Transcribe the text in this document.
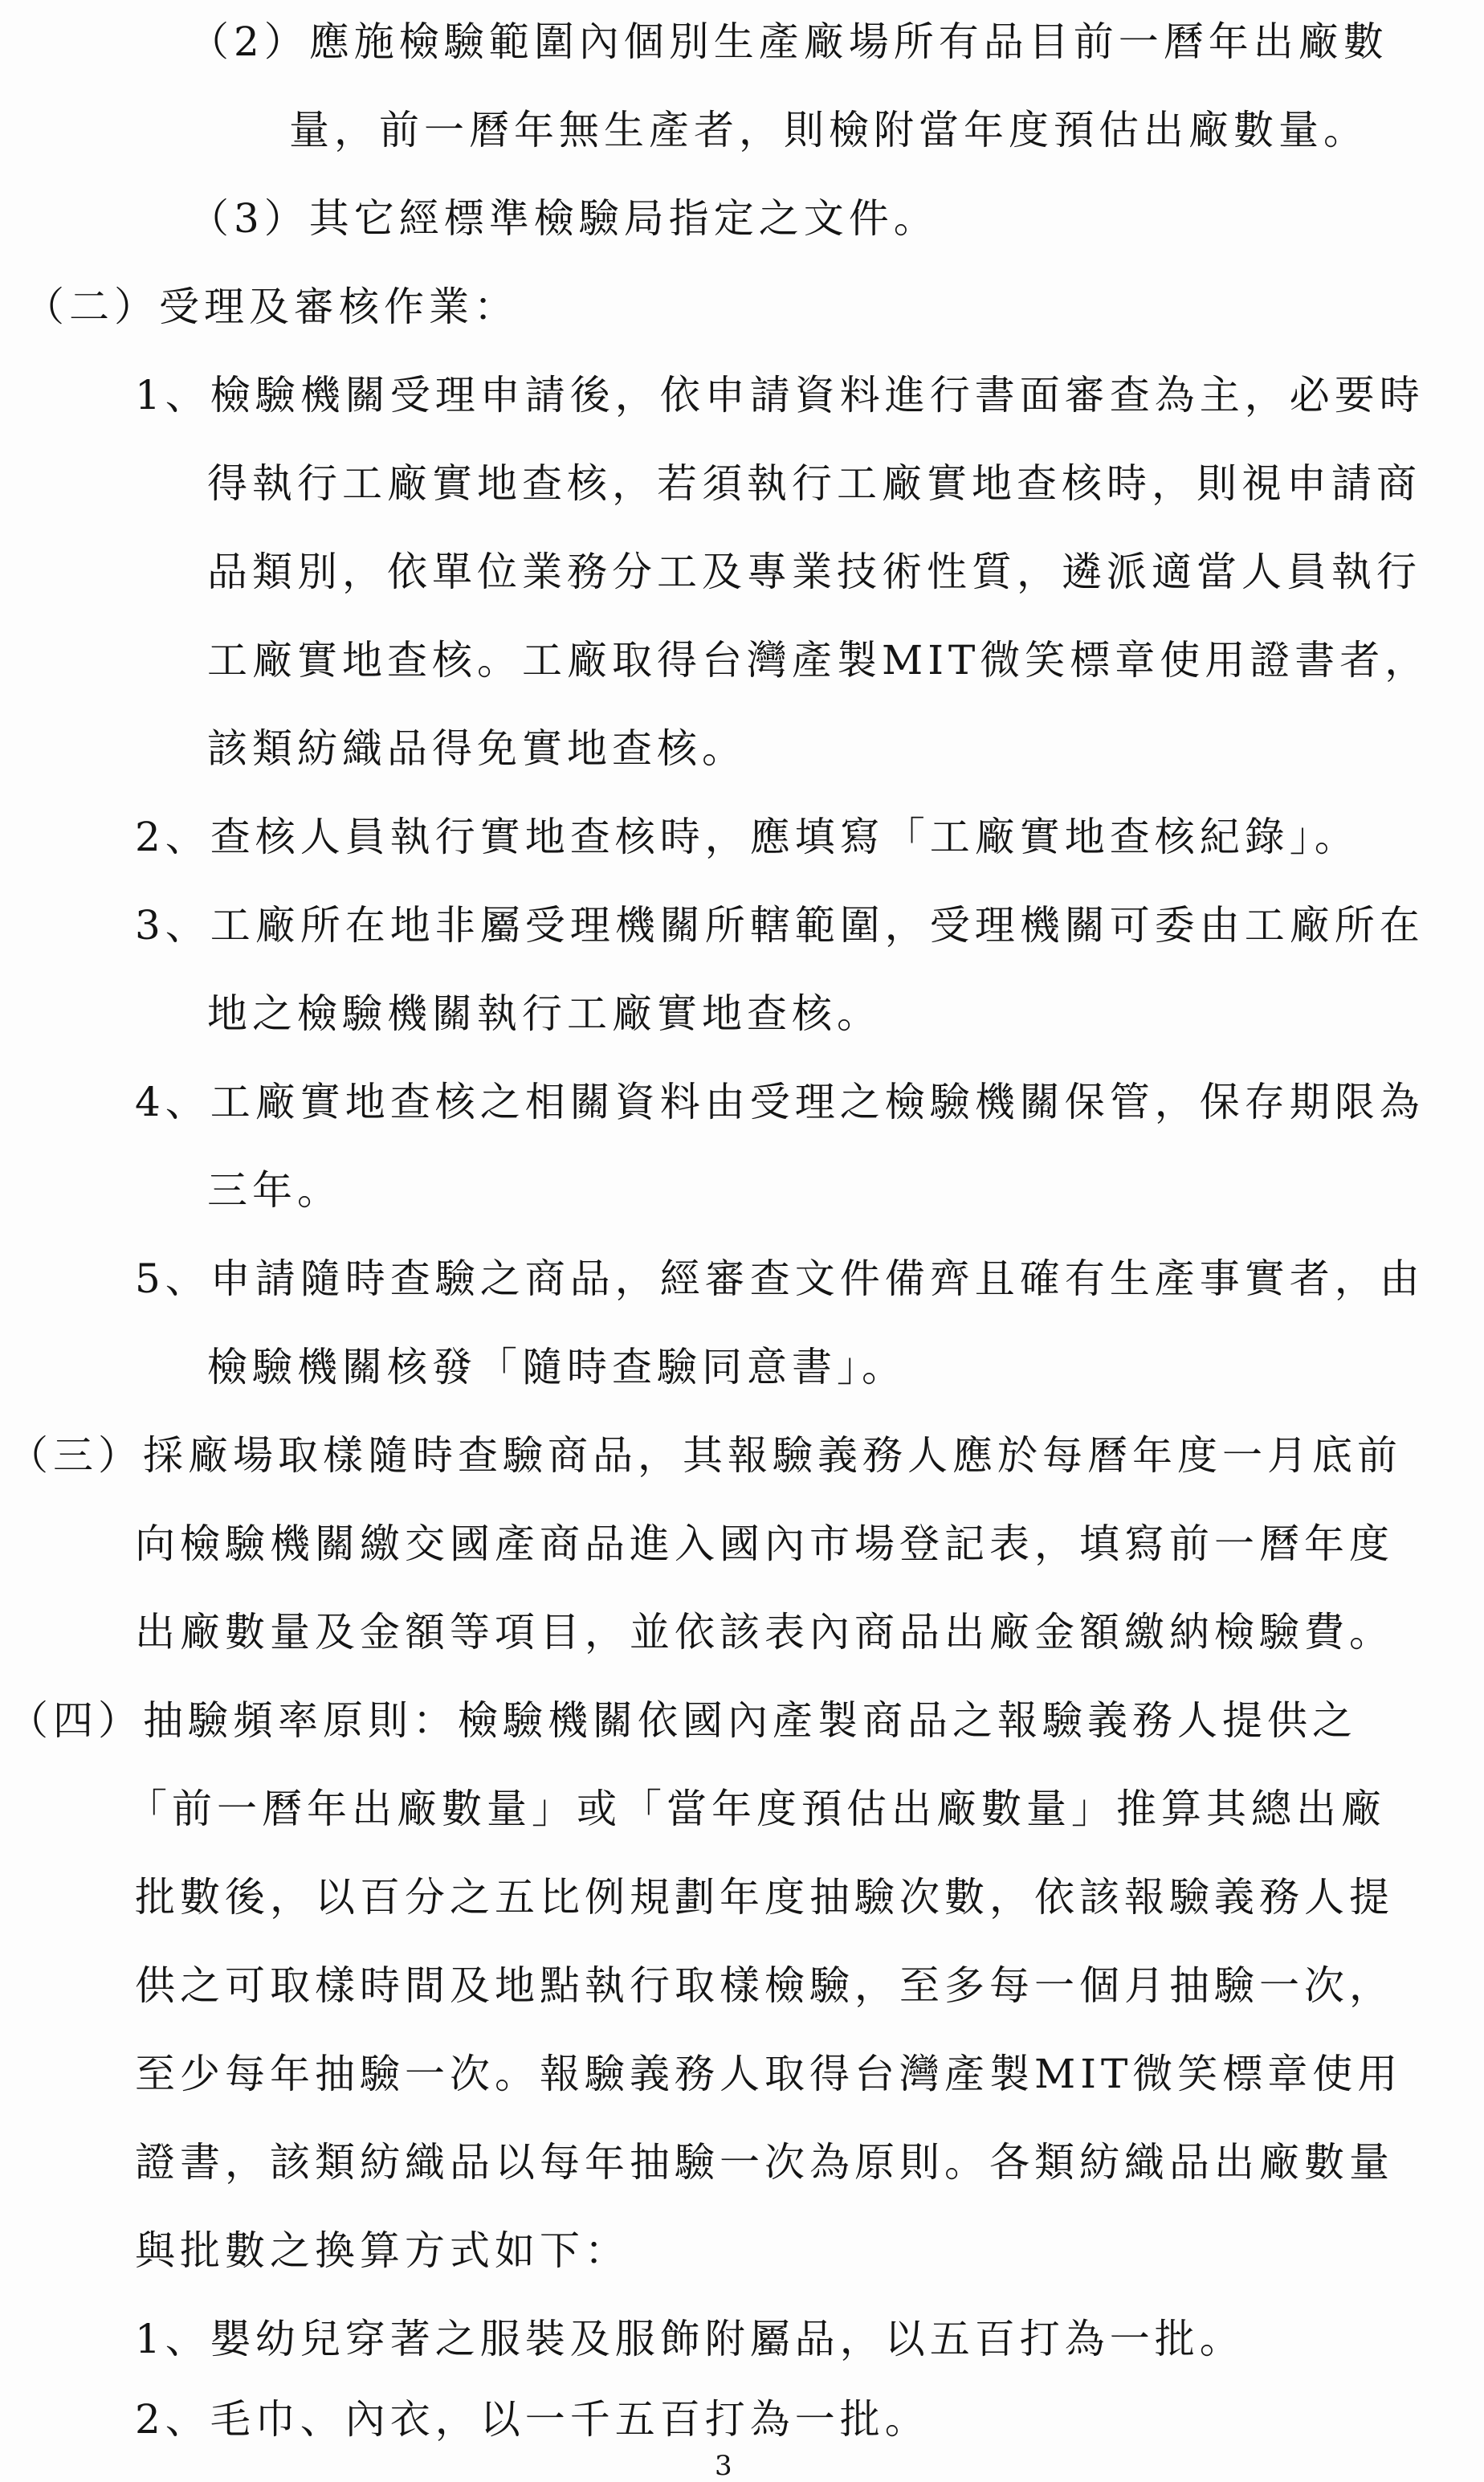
（2）應施檢驗範圍內個別生產廠場所有品目前一曆年出廠數
量，前一曆年無生產者，則檢附當年度預估出廠數量。
（3）其它經標準檢驗局指定之文件。
（二）受理及審核作業：
1、檢驗機關受理申請後，依申請資料進行書面審查為主，必要時
得執行工廠實地查核，若須執行工廠實地查核時，則視申請商
品類別，依單位業務分工及專業技術性質，遴派適當人員執行
工廠實地查核。工廠取得台灣產製MIT微笑標章使用證書者，
該類紡織品得免實地查核。
2、查核人員執行實地查核時，應填寫「工廠實地查核紀錄」。
3、工廠所在地非屬受理機關所轄範圍，受理機關可委由工廠所在
地之檢驗機關執行工廠實地查核。
4、工廠實地查核之相關資料由受理之檢驗機關保管，保存期限為
三年。
5、申請隨時查驗之商品，經審查文件備齊且確有生產事實者，由
檢驗機關核發「隨時查驗同意書」。
（三）採廠場取樣隨時查驗商品，其報驗義務人應於每曆年度一月底前
向檢驗機關繳交國產商品進入國內市場登記表，填寫前一曆年度
出廠數量及金額等項目，並依該表內商品出廠金額繳納檢驗費。
（四）抽驗頻率原則：檢驗機關依國內產製商品之報驗義務人提供之
「前一曆年出廠數量」或「當年度預估出廠數量」推算其總出廠
批數後，以百分之五比例規劃年度抽驗次數，依該報驗義務人提
供之可取樣時間及地點執行取樣檢驗，至多每一個月抽驗一次，
至少每年抽驗一次。報驗義務人取得台灣產製MIT微笑標章使用
證書，該類紡織品以每年抽驗一次為原則。各類紡織品出廠數量
與批數之換算方式如下：
1、嬰幼兒穿著之服裝及服飾附屬品，以五百打為一批。
2、毛巾、內衣，以一千五百打為一批。
3
